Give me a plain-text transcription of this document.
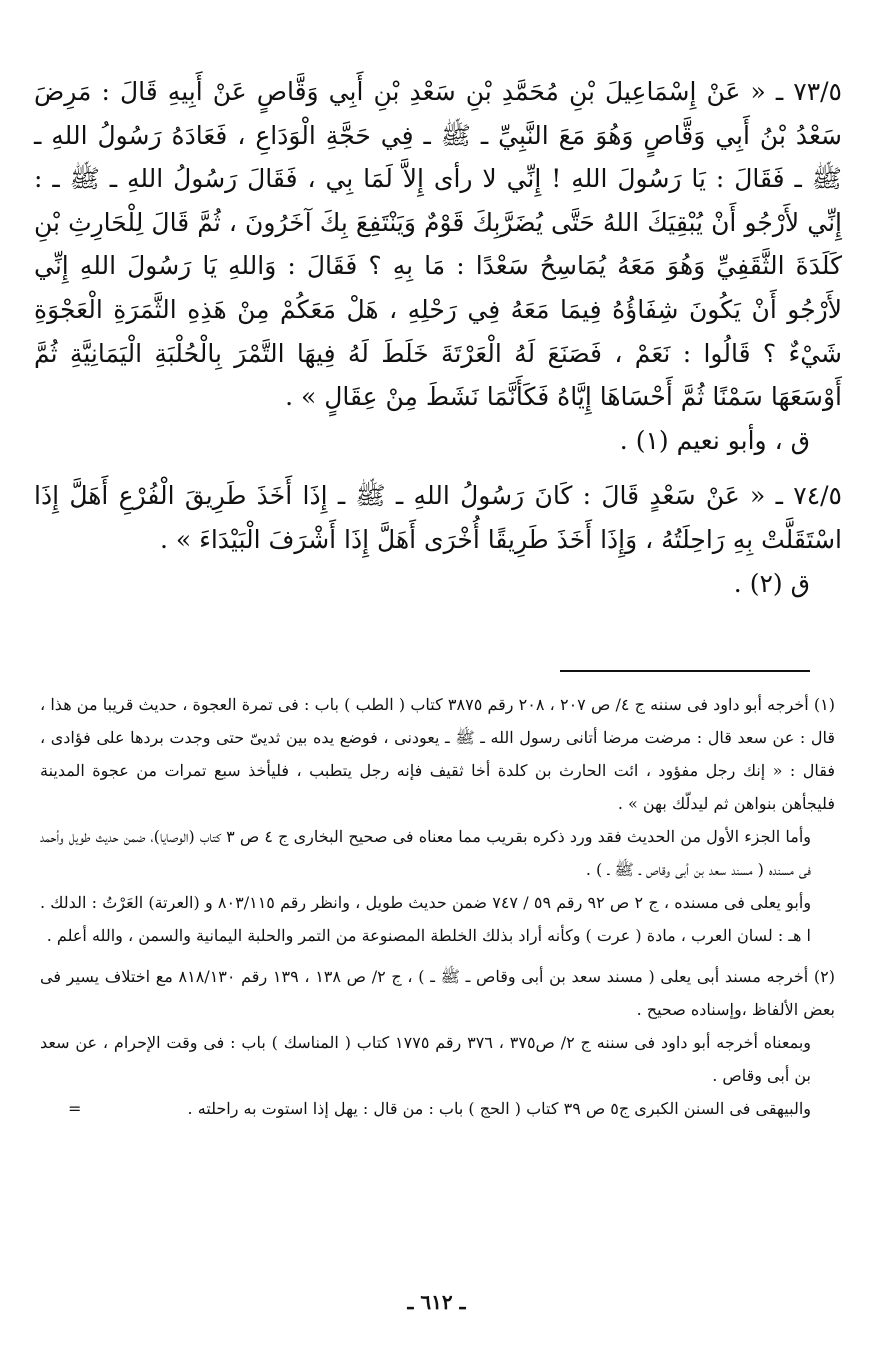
٧٣/٥ ـ « عَنْ إِسْمَاعِيلَ بْنِ مُحَمَّدِ بْنِ سَعْدِ بْنِ أَبِي وَقَّاصٍ عَنْ أَبِيهِ قَالَ : مَرِضَ سَعْدُ بْنُ أَبِي وَقَّاصٍ وَهُوَ مَعَ النَّبِيِّ ـ ﷺ ـ فِي حَجَّةِ الْوَدَاعِ ، فَعَادَهُ رَسُولُ اللهِ ـ ﷺ ـ فَقَالَ : يَا رَسُولَ اللهِ ! إِنِّي لا رأى إِلاَّ لَمَا بِي ، فَقَالَ رَسُولُ اللهِ ـ ﷺ ـ : إِنِّي لأَرْجُو أَنْ يُبْقِيَكَ اللهُ حَتَّى يُضَرَّبِكَ قَوْمٌ وَيَنْتَفِعَ بِكَ آخَرُونَ ، ثُمَّ قَالَ لِلْحَارِثِ بْنِ كَلَدَةَ الثَّقَفِيِّ وَهُوَ مَعَهُ يُمَاسِحُ سَعْدًا : مَا بِهِ ؟ فَقَالَ : وَاللهِ يَا رَسُولَ اللهِ إِنِّي لأَرْجُو أَنْ يَكُونَ شِفَاؤُهُ فِيمَا مَعَهُ فِي رَحْلِهِ ، هَلْ مَعَكُمْ مِنْ هَذِهِ الثَّمَرَةِ الْعَجْوَةِ شَيْءٌ ؟ قَالُوا : نَعَمْ ، فَصَنَعَ لَهُ الْعَرْتَةَ خَلَطَ لَهُ فِيهَا التَّمْرَ بِالْحُلْبَةِ الْيَمَانِيَّةِ ثُمَّ أَوْسَعَهَا سَمْنًا ثُمَّ أَحْسَاهَا إِيَّاهُ فَكَأَنَّمَا نَشَطَ مِنْ عِقَالٍ » .

ق ، وأبو نعيم (١) .

٧٤/٥ ـ « عَنْ سَعْدٍ قَالَ : كَانَ رَسُولُ اللهِ ـ ﷺ ـ إِذَا أَخَذَ طَرِيقَ الْفُرْعِ أَهَلَّ إِذَا اسْتَقَلَّتْ بِهِ رَاحِلَتُهُ ، وَإِذَا أَخَذَ طَرِيقًا أُخْرَى أَهَلَّ إِذَا أَشْرَفَ الْبَيْدَاءَ » .

ق (٢) .

(١) أخرجه أبو داود فى سننه ج ٤/ ص ٢٠٧ ، ٢٠٨ رقم ٣٨٧٥ كتاب ( الطب ) باب : فى تمرة العجوة ، حديث قريبا من هذا ، قال : عن سعد قال : مرضت مرضا أتانى رسول الله ـ ﷺ ـ يعودنى ، فوضع يده بين ثديىّ حتى وجدت بردها على فؤادى ، فقال : « إنك رجل مفؤود ، ائت الحارث بن كلدة أخا ثقيف فإنه رجل يتطبب ، فليأخذ سبع تمرات من عجوة المدينة فليجأهن بنواهن ثم ليدلّك بهن » .

وأما الجزء الأول من الحديث فقد ورد ذكره بقريب مما معناه فى صحيح البخارى ج ٤ ص ٣ كتاب (الوصايا)، ضمن حديث طويل وأحمد فى مسنده ( مسند سعد بن أبى وقاص ـ ﷺ ـ ) .

وأبو يعلى فى مسنده ، ج ٢ ص ٩٢ رقم ٥٩ / ٧٤٧ ضمن حديث طويل ، وانظر رقم ٨٠٣/١١٥ و (العرتة) العَرْتُ : الدلك . ا هـ : لسان العرب ، مادة ( عرت ) وكأنه أراد بذلك الخلطة المصنوعة من التمر والحلبة اليمانية والسمن ، والله أعلم .

(٢) أخرجه مسند أبى يعلى ( مسند سعد بن أبى وقاص ـ ﷺ ـ ) ، ج ٢/ ص ١٣٨ ، ١٣٩ رقم ٨١٨/١٣٠ مع اختلاف يسير فى بعض الألفاظ ،وإسناده صحيح .

وبمعناه أخرجه أبو داود فى سننه ج ٢/ ص٣٧٥ ، ٣٧٦ رقم ١٧٧٥ كتاب ( المناسك ) باب : فى وقت الإحرام ، عن سعد بن أبى وقاص .

=	والبيهقى فى السنن الكبرى ج٥ ص ٣٩ كتاب ( الحج ) باب : من قال : يهل إذا استوت به راحلته .

ـ ٦١٢ ـ
